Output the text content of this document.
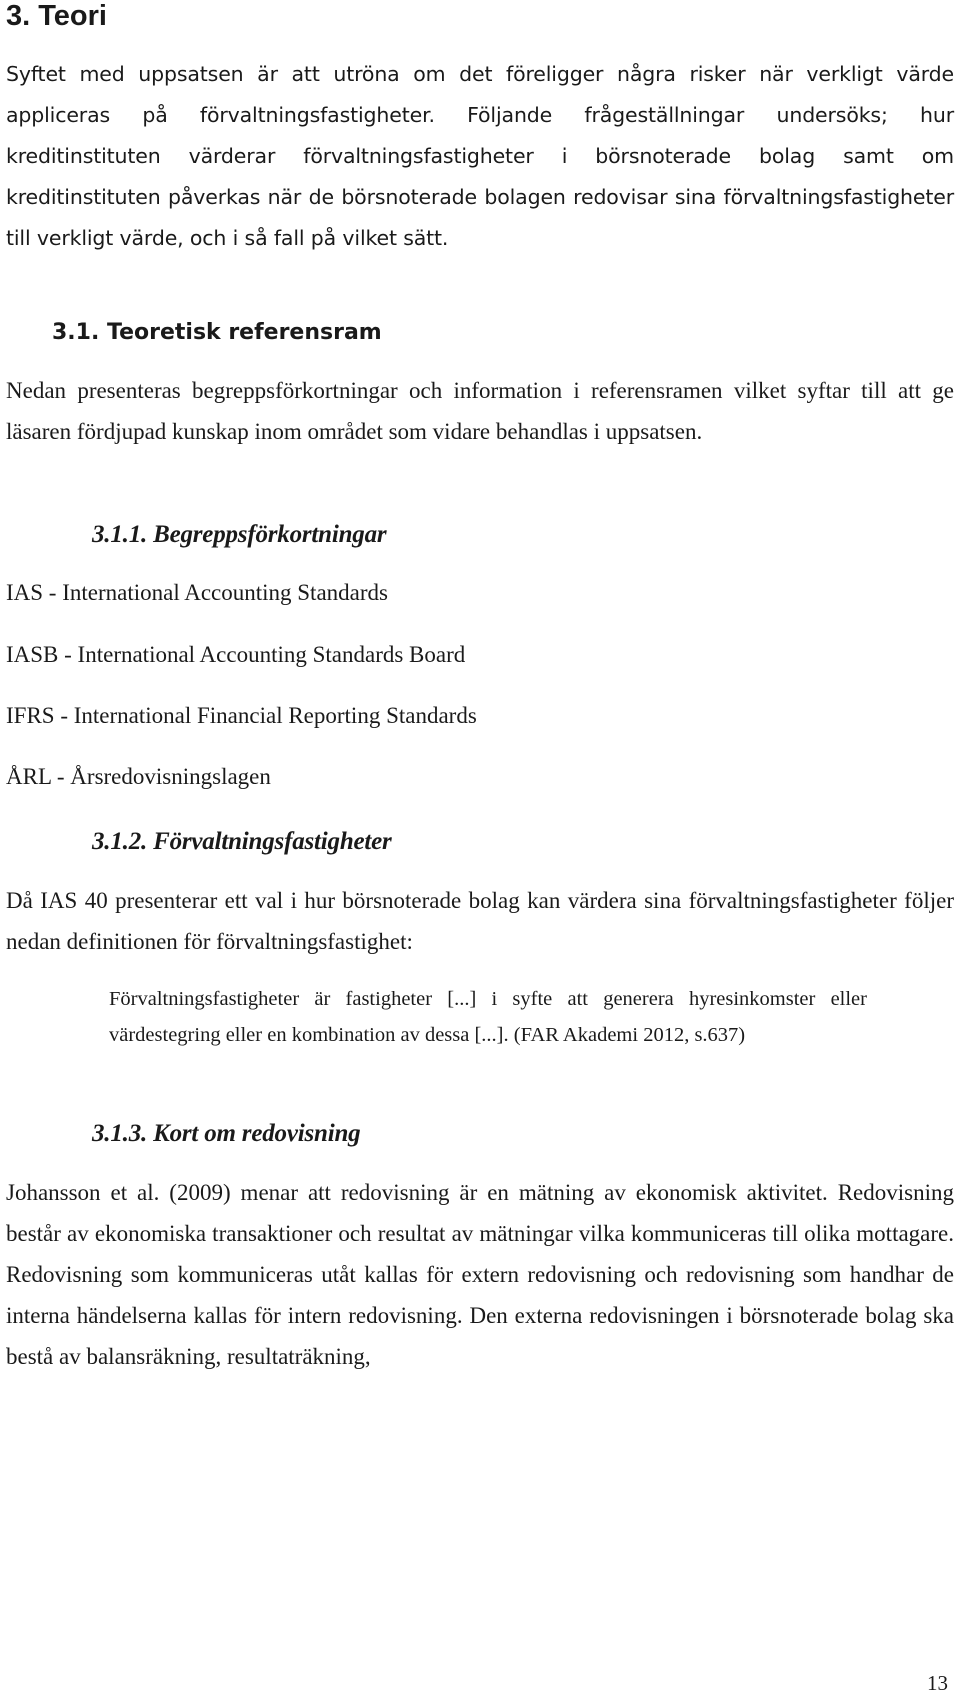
3. Teori

Syftet med uppsatsen är att utröna om det föreligger några risker när verkligt värde appliceras på förvaltningsfastigheter. Följande frågeställningar undersöks; hur kreditinstituten värderar förvaltningsfastigheter i börsnoterade bolag samt om kreditinstituten påverkas när de börsnoterade bolagen redovisar sina förvaltningsfastigheter till verkligt värde, och i så fall på vilket sätt.

3.1. Teoretisk referensram

Nedan presenteras begreppsförkortningar och information i referensramen vilket syftar till att ge läsaren fördjupad kunskap inom området som vidare behandlas i uppsatsen.

3.1.1. Begreppsförkortningar

IAS - International Accounting Standards

IASB - International Accounting Standards Board

IFRS - International Financial Reporting Standards

ÅRL - Årsredovisningslagen

3.1.2. Förvaltningsfastigheter

Då IAS 40 presenterar ett val i hur börsnoterade bolag kan värdera sina förvaltningsfastigheter följer nedan definitionen för förvaltningsfastighet:

Förvaltningsfastigheter är fastigheter [...] i syfte att generera hyresinkomster eller värdestegring eller en kombination av dessa [...]. (FAR Akademi 2012, s.637)

3.1.3. Kort om redovisning

Johansson et al. (2009) menar att redovisning är en mätning av ekonomisk aktivitet. Redovisning består av ekonomiska transaktioner och resultat av mätningar vilka kommuniceras till olika mottagare. Redovisning som kommuniceras utåt kallas för extern redovisning och redovisning som handhar de interna händelserna kallas för intern redovisning. Den externa redovisningen i börsnoterade bolag ska bestå av balansräkning, resultaträkning,

13
